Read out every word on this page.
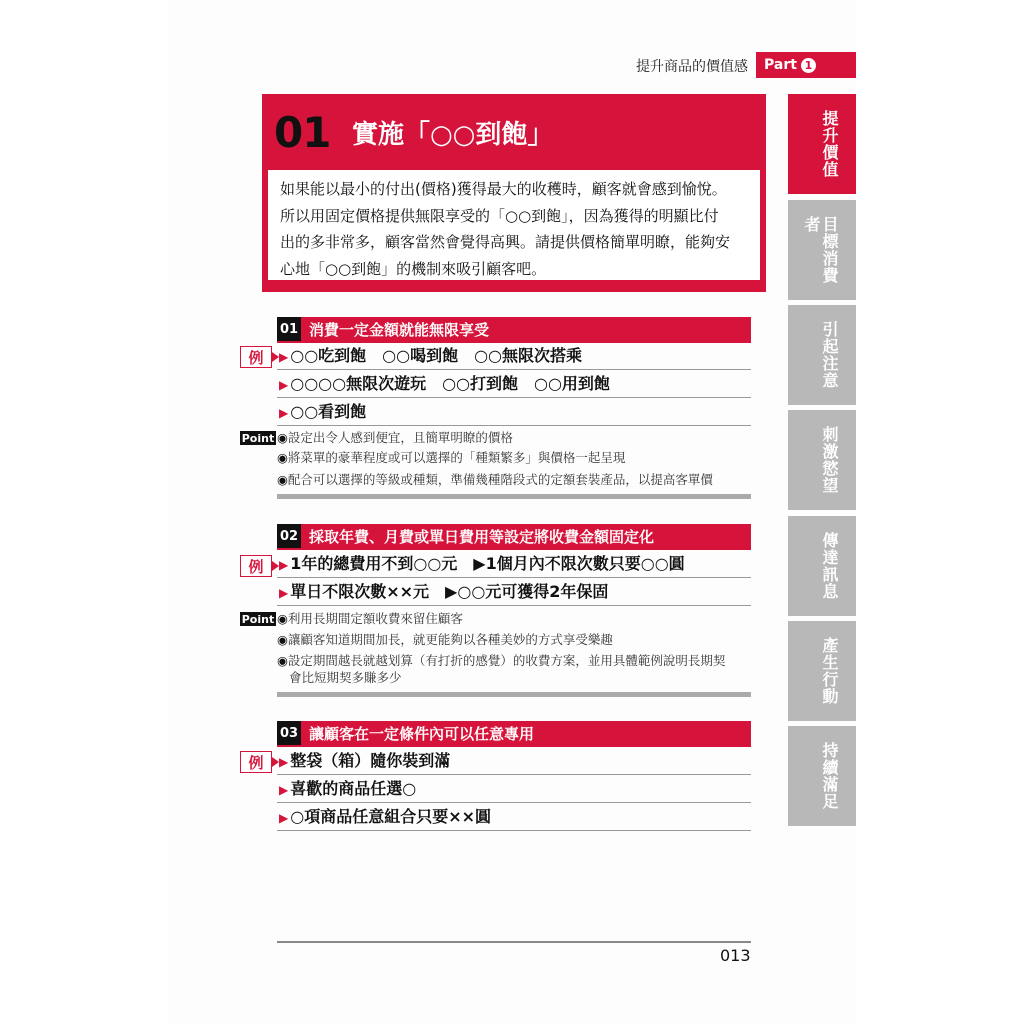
提升商品的價值感 Part 1
01 實施「○○到飽」
如果能以最小的付出(價格)獲得最大的收穫時，顧客就會感到愉悅。
所以用固定價格提供無限享受的「○○到飽」，因為獲得的明顯比付
出的多非常多，顧客當然會覺得高興。請提供價格簡單明瞭，能夠安
心地「○○到飽」的機制來吸引顧客吧。
提升價值
目標消費者
引起注意
刺激慾望
傳達訊息
產生行動
持續滿足
01 消費一定金額就能無限享受
例	▶ ○○吃到飽　○○喝到飽　○○無限次搭乘
▶ ○○○○無限次遊玩　○○打到飽　○○用到飽
▶ ○○看到飽
Point ◉設定出令人感到便宜，且簡單明瞭的價格
◉將菜單的豪華程度或可以選擇的「種類繁多」與價格一起呈現
◉配合可以選擇的等級或種類，準備幾種階段式的定額套裝產品，以提高客單價
02 採取年費、月費或單日費用等設定將收費金額固定化
例	▶ 1年的總費用不到○○元　▶1個月內不限次數只要○○圓
▶ 單日不限次數××元　▶○○元可獲得2年保固
Point ◉利用長期間定額收費來留住顧客
◉讓顧客知道期間加長，就更能夠以各種美妙的方式享受樂趣
◉設定期間越長就越划算（有打折的感覺）的收費方案，並用具體範例說明長期契
會比短期契多賺多少
03 讓顧客在一定條件內可以任意專用
例	▶ 整袋（箱）隨你裝到滿
▶ 喜歡的商品任選○
▶ ○項商品任意組合只要××圓
013
